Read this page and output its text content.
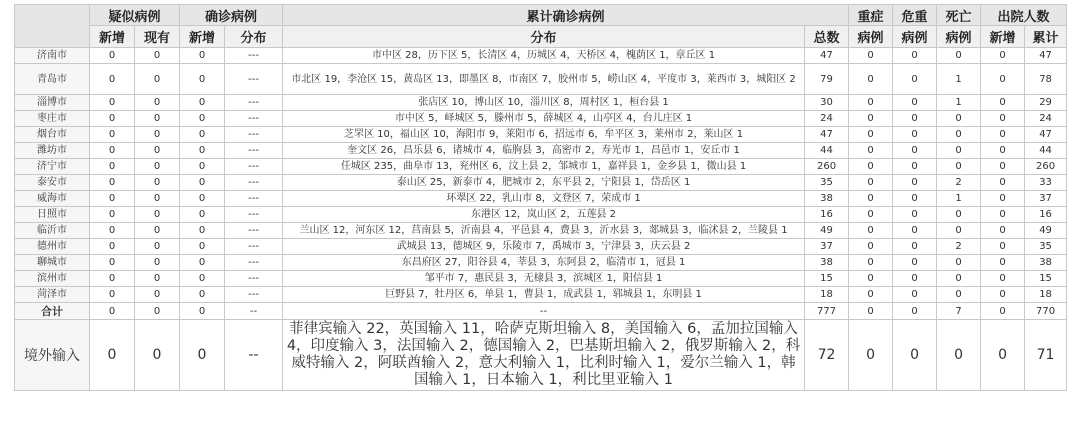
	疑似病例		确诊病例		累计确诊病例		重症	危重	死亡	出院人数	
	新增	现有	新增	分布	分布	总数	病例	病例	病例	新增	累计
济南市	0	0	0	---	市中区 28，历下区 5，长清区 4，历城区 4，天桥区 4，槐荫区 1，章丘区 1	47	0	0	0	0	47
青岛市	0	0	0	---	市北区 19，李沧区 15，黄岛区 13，即墨区 8，市南区 7，胶州市 5，崂山区 4，平度市 3，莱西市 3，城阳区 2	79	0	0	1	0	78
淄博市	0	0	0	---	张店区 10，博山区 10，淄川区 8，周村区 1，桓台县 1	30	0	0	1	0	29
枣庄市	0	0	0	---	市中区 5，峄城区 5，滕州市 5，薛城区 4，山亭区 4，台儿庄区 1	24	0	0	0	0	24
烟台市	0	0	0	---	芝罘区 10，福山区 10，海阳市 9，莱阳市 6，招远市 6，牟平区 3，莱州市 2，莱山区 1	47	0	0	0	0	47
潍坊市	0	0	0	---	奎文区 26，昌乐县 6，诸城市 4，临朐县 3，高密市 2，寿光市 1，昌邑市 1，安丘市 1	44	0	0	0	0	44
济宁市	0	0	0	---	任城区 235，曲阜市 13，兖州区 6，汶上县 2，邹城市 1，嘉祥县 1，金乡县 1，微山县 1	260	0	0	0	0	260
泰安市	0	0	0	---	泰山区 25，新泰市 4，肥城市 2，东平县 2，宁阳县 1，岱岳区 1	35	0	0	2	0	33
威海市	0	0	0	---	环翠区 22，乳山市 8，文登区 7，荣成市 1	38	0	0	1	0	37
日照市	0	0	0	---	东港区 12，岚山区 2，五莲县 2	16	0	0	0	0	16
临沂市	0	0	0	---	兰山区 12，河东区 12，莒南县 5，沂南县 4，平邑县 4，费县 3，沂水县 3，郯城县 3，临沭县 2，兰陵县 1	49	0	0	0	0	49
德州市	0	0	0	---	武城县 13，德城区 9，乐陵市 7，禹城市 3，宁津县 3，庆云县 2	37	0	0	2	0	35
聊城市	0	0	0	---	东昌府区 27，阳谷县 4，莘县 3，东阿县 2，临清市 1，冠县 1	38	0	0	0	0	38
滨州市	0	0	0	---	邹平市 7，惠民县 3，无棣县 3，滨城区 1，阳信县 1	15	0	0	0	0	15
菏泽市	0	0	0	---	巨野县 7，牡丹区 6，单县 1，曹县 1，成武县 1，郓城县 1，东明县 1	18	0	0	0	0	18
合计	0	0	0	--	--	777	0	0	7	0	770
境外输入	0	0	0	--	菲律宾输入 22，英国输入 11，哈萨克斯坦输入 8，美国输入 6，孟加拉国输入 4，印度输入 3，法国输入 2，德国输入 2，巴基斯坦输入 2，俄罗斯输入 2，科威特输入 2，阿联酋输入 2，意大利输入 1，比利时输入 1，爱尔兰输入 1，韩国输入 1，日本输入 1，利比里亚输入 1	72	0	0	0	0	71
